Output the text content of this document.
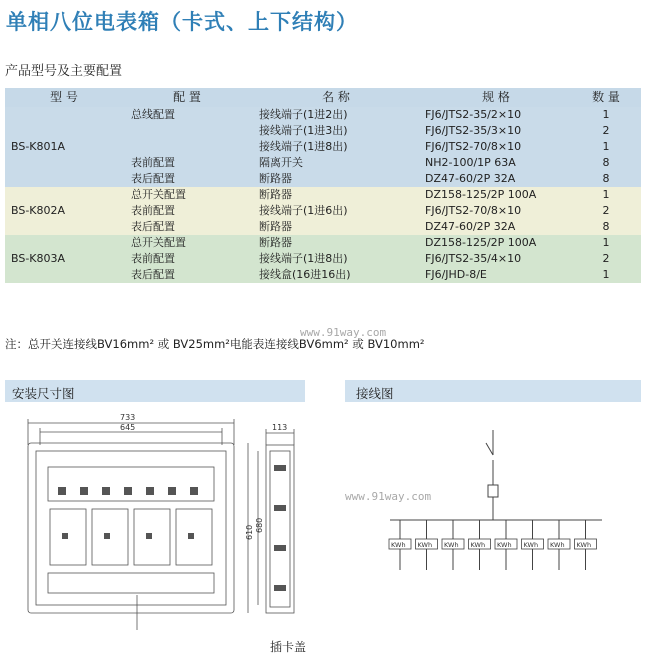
单相八位电表箱（卡式、上下结构）
产品型号及主要配置
型 号	配 置	名 称	规 格	数 量
BS-K801A	总线配置	接线端子(1进2出)	FJ6/JTS2-35/2×10	1
		接线端子(1进3出)	FJ6/JTS2-35/3×10	2
		接线端子(1进8出)	FJ6/JTS2-70/8×10	1
	表前配置	隔离开关	NH2-100/1P 63A	8
	表后配置	断路器	DZ47-60/2P 32A	8
BS-K802A	总开关配置	断路器	DZ158-125/2P 100A	1
	表前配置	接线端子(1进6出)	FJ6/JTS2-70/8×10	2
	表后配置	断路器	DZ47-60/2P 32A	8
BS-K803A	总开关配置	断路器	DZ158-125/2P 100A	1
	表前配置	接线端子(1进8出)	FJ6/JTS2-35/4×10	2
	表后配置	接线盒(16进16出)	FJ6/JHD-8/E	1
www.91way.com
注：总开关连接线BV16mm² 或 BV25mm²电能表连接线BV6mm² 或 BV10mm²
安装尺寸图	接线图
733
645
610 680
113
插卡盖
KWh KWh KWh KWh KWh KWh KWh KWh
www.91way.com
